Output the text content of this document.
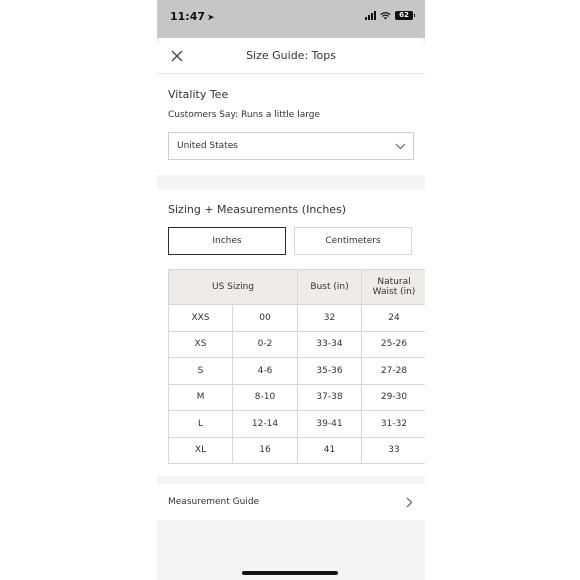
11:47 ➤	62
Size Guide: Tops
Vitality Tee
Customers Say: Runs a little large
United States
Sizing + Measurements (Inches)
Inches	Centimeters
US Sizing		Bust (in)	Natural Waist (in)
XXS	00	32	24
XS	0-2	33-34	25-26
S	4-6	35-36	27-28
M	8-10	37-38	29-30
L	12-14	39-41	31-32
XL	16	41	33
Measurement Guide
